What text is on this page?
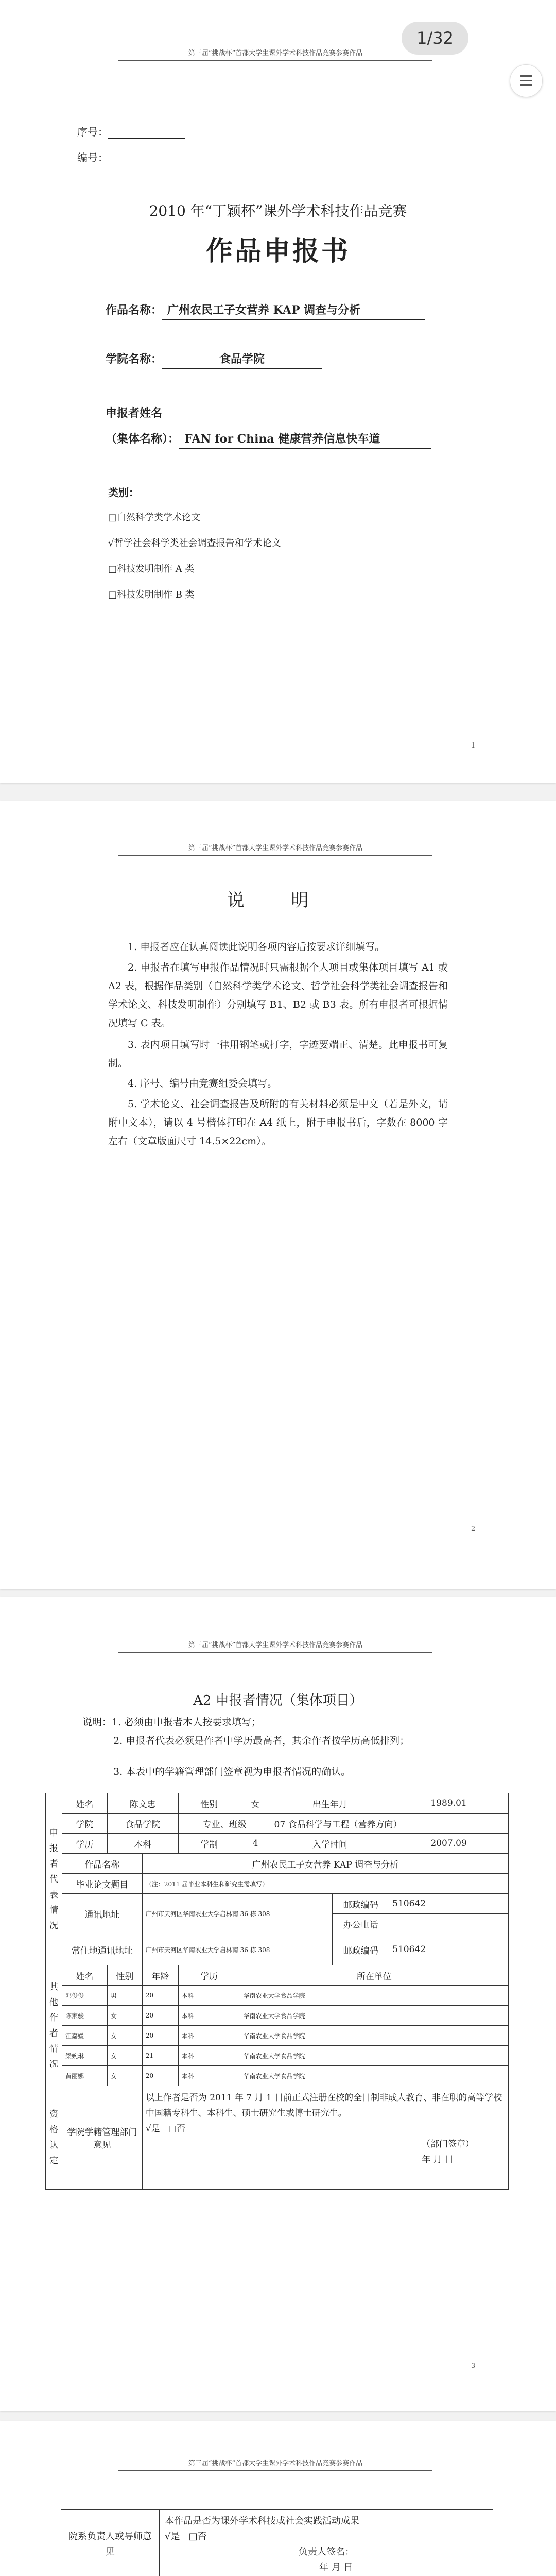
第三届“挑战杯”首都大学生课外学术科技作品竞赛参赛作品
1/32
序号：
编号：
2010 年“丁颖杯”课外学术科技作品竞赛
作品申报书
作品名称： 广州农民工子女营养 KAP 调查与分析
学院名称：	食品学院
申报者姓名
（集体名称）： FAN for China 健康营养信息快车道
类别：
□自然科学类学术论文
√哲学社会科学类社会调查报告和学术论文
□科技发明制作 A 类
□科技发明制作 B 类
1
第三届“挑战杯”首都大学生课外学术科技作品竞赛参赛作品
说 明
1. 申报者应在认真阅读此说明各项内容后按要求详细填写。
2. 申报者在填写申报作品情况时只需根据个人项目或集体项目填写 A1 或 A2 表，根据作品类别（自然科学类学术论文、哲学社会科学类社会调查报告和学术论文、科技发明制作）分别填写 B1、B2 或 B3 表。所有申报者可根据情况填写 C 表。
3. 表内项目填写时一律用钢笔或打字，字迹要端正、清楚。此申报书可复制。
4. 序号、编号由竞赛组委会填写。
5. 学术论文、社会调查报告及所附的有关材料必须是中文（若是外文，请附中文本），请以 4 号楷体打印在 A4 纸上，附于申报书后，字数在 8000 字左右（文章版面尺寸 14.5×22cm）。
2
第三届“挑战杯”首都大学生课外学术科技作品竞赛参赛作品
A2 申报者情况（集体项目）
说明：1. 必须由申报者本人按要求填写；
2. 申报者代表必须是作者中学历最高者，其余作者按学历高低排列；
3. 本表中的学籍管理部门签章视为申报者情况的确认。
申报者代表情况	姓名	陈文忠		性别	女	出生年月		1989.01
	学院	食品学院		专业、班级		07 食品科学与工程（营养方向）		
	学历	本科		学制	4	入学时间		2007.09
	作品名称		广州农民工子女营养 KAP 调查与分析					
	毕业论文题目		（注：2011 届毕业本科生和研究生需填写）					
	通讯地址		广州市天河区华南农业大学启林南 36 栋 308				邮政编码	510642
							办公电话	
	常住地通讯地址		广州市天河区华南农业大学启林南 36 栋 308				邮政编码	510642
其他作者情况	姓名	性别	年龄	学历	所在单位			
	邓俊俊	男	20	本科	华南农业大学食品学院			
	陈家骏	女	20	本科	华南农业大学食品学院			
	江嘉媛	女	20	本科	华南农业大学食品学院			
	梁婉琳	女	21	本科	华南农业大学食品学院			
	黄丽娜	女	20	本科	华南农业大学食品学院			
资格认定	学院学籍管理部门意见		以上作者是否为 2011 年 7 月 1 日前正式注册在校的全日制非成人教育、非在职的高等学校中国籍专科生、本科生、硕士研究生或博士研究生。
√是 □否
（部门签章）
年 月 日					
3
第三届“挑战杯”首都大学生课外学术科技作品竞赛参赛作品
院系负责人或导师意见	
本作品是否为课外学术科技或社会实践活动成果
√是 □否
负责人签名：
年 月 日
